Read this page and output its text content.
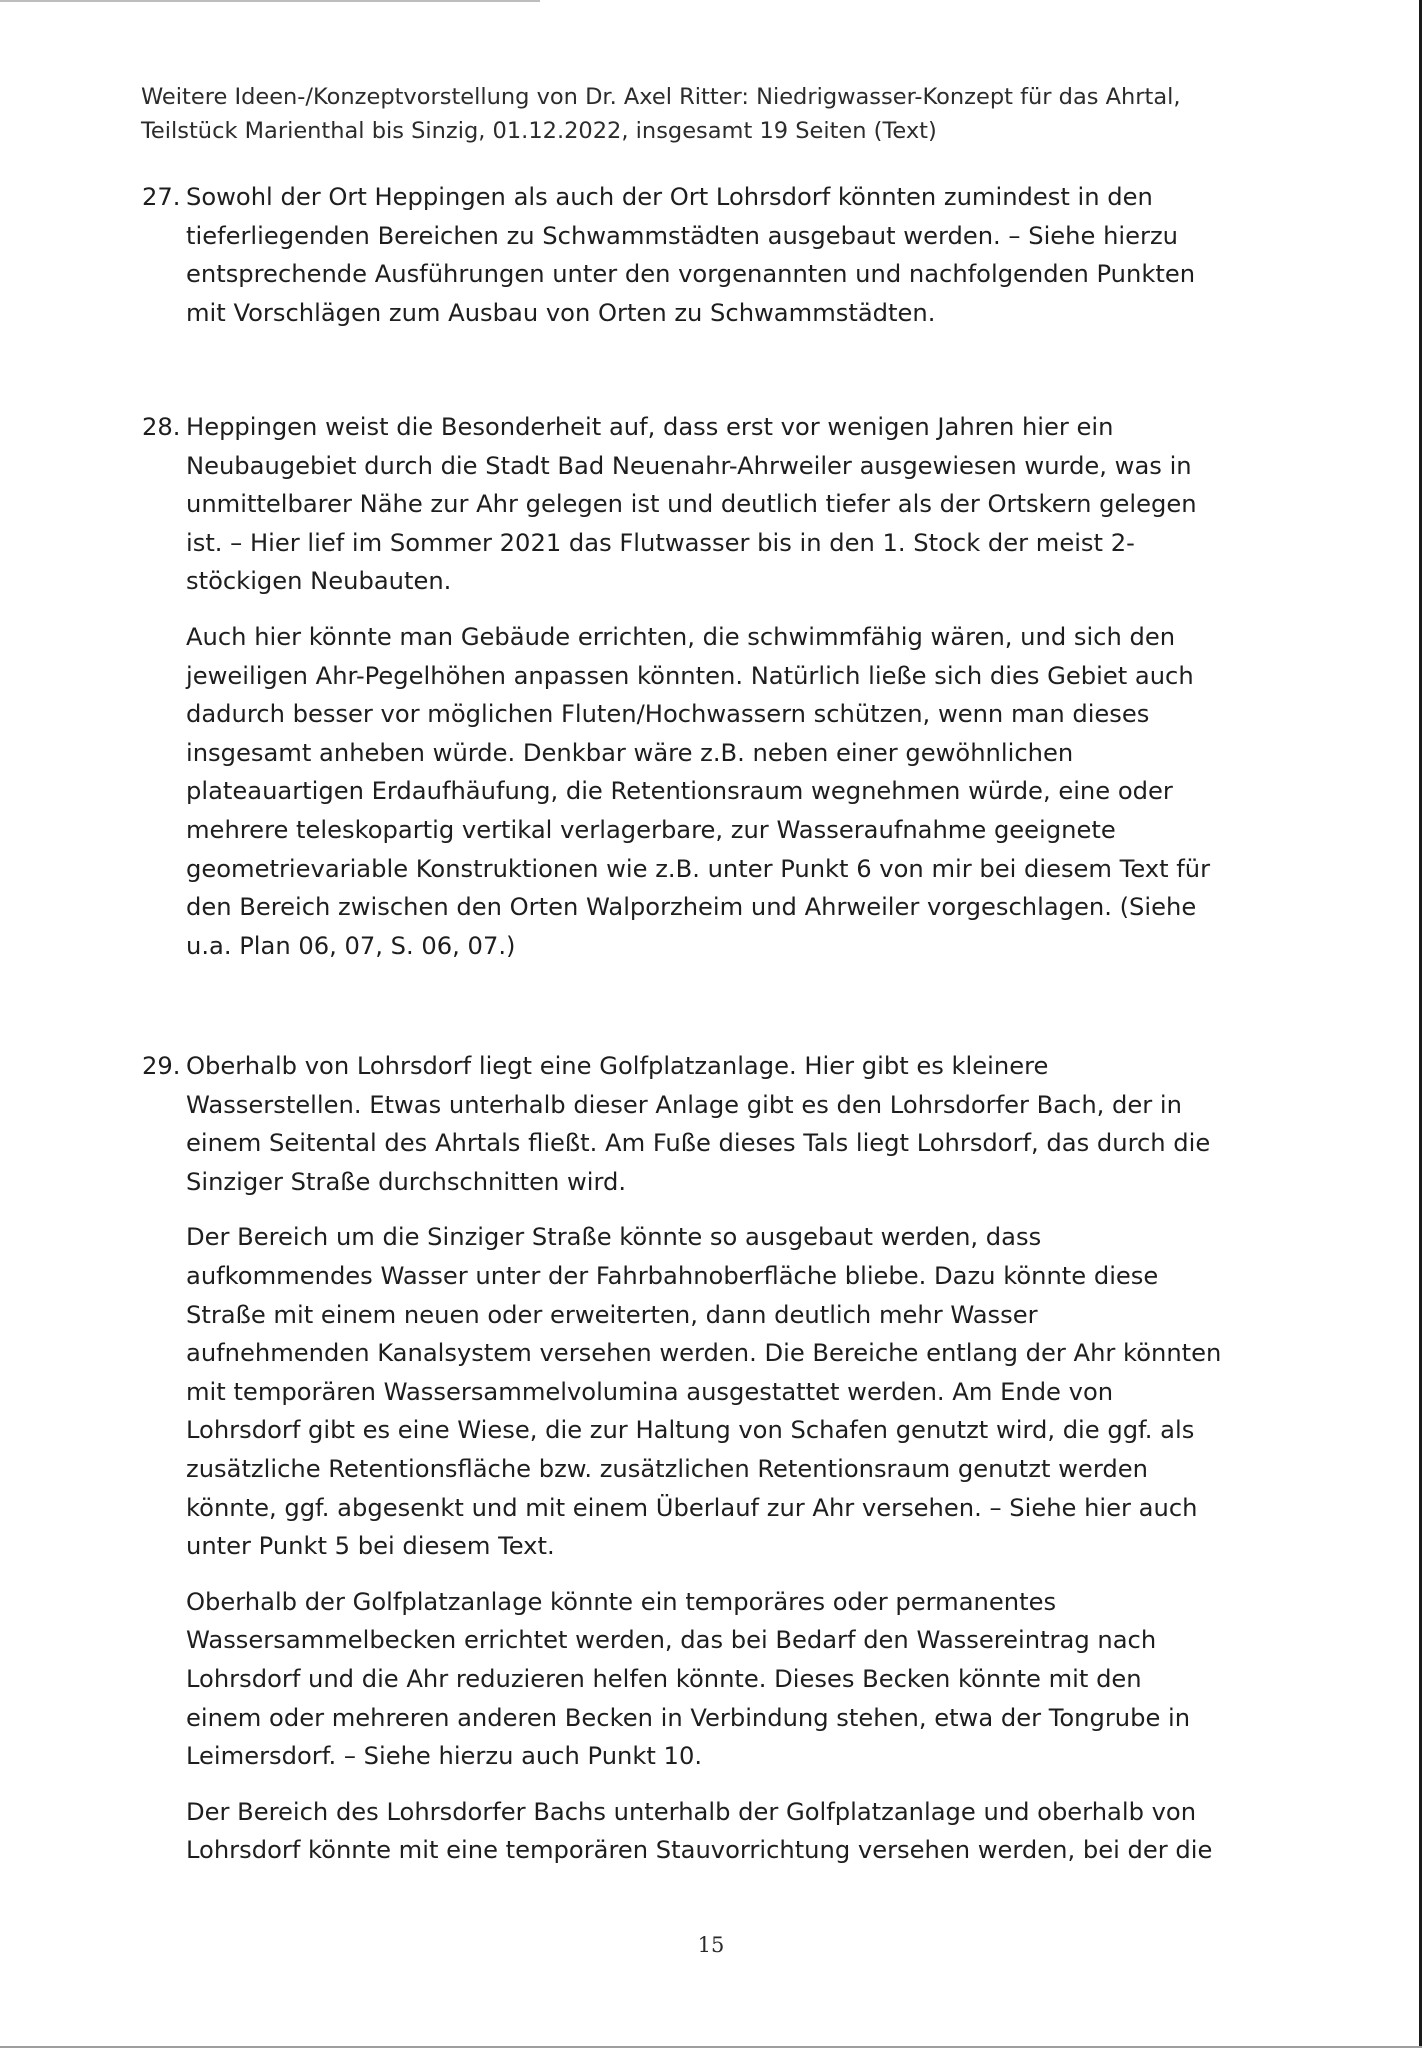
Weitere Ideen-/Konzeptvorstellung von Dr. Axel Ritter: Niedrigwasser-Konzept für das Ahrtal,

Teilstück Marienthal bis Sinzig, 01.12.2022, insgesamt 19 Seiten (Text)

27. Sowohl der Ort Heppingen als auch der Ort Lohrsdorf könnten zumindest in den
tieferliegenden Bereichen zu Schwammstädten ausgebaut werden. – Siehe hierzu
entsprechende Ausführungen unter den vorgenannten und nachfolgenden Punkten
mit Vorschlägen zum Ausbau von Orten zu Schwammstädten.

28. Heppingen weist die Besonderheit auf, dass erst vor wenigen Jahren hier ein
Neubaugebiet durch die Stadt Bad Neuenahr-Ahrweiler ausgewiesen wurde, was in
unmittelbarer Nähe zur Ahr gelegen ist und deutlich tiefer als der Ortskern gelegen
ist. – Hier lief im Sommer 2021 das Flutwasser bis in den 1. Stock der meist 2-
stöckigen Neubauten.

Auch hier könnte man Gebäude errichten, die schwimmfähig wären, und sich den
jeweiligen Ahr-Pegelhöhen anpassen könnten. Natürlich ließe sich dies Gebiet auch
dadurch besser vor möglichen Fluten/Hochwassern schützen, wenn man dieses
insgesamt anheben würde. Denkbar wäre z.B. neben einer gewöhnlichen
plateauartigen Erdaufhäufung, die Retentionsraum wegnehmen würde, eine oder
mehrere teleskopartig vertikal verlagerbare, zur Wasseraufnahme geeignete
geometrievariable Konstruktionen wie z.B. unter Punkt 6 von mir bei diesem Text für
den Bereich zwischen den Orten Walporzheim und Ahrweiler vorgeschlagen. (Siehe
u.a. Plan 06, 07, S. 06, 07.)

29. Oberhalb von Lohrsdorf liegt eine Golfplatzanlage. Hier gibt es kleinere
Wasserstellen. Etwas unterhalb dieser Anlage gibt es den Lohrsdorfer Bach, der in
einem Seitental des Ahrtals fließt. Am Fuße dieses Tals liegt Lohrsdorf, das durch die
Sinziger Straße durchschnitten wird.

Der Bereich um die Sinziger Straße könnte so ausgebaut werden, dass
aufkommendes Wasser unter der Fahrbahnoberfläche bliebe. Dazu könnte diese
Straße mit einem neuen oder erweiterten, dann deutlich mehr Wasser
aufnehmenden Kanalsystem versehen werden. Die Bereiche entlang der Ahr könnten
mit temporären Wassersammelvolumina ausgestattet werden. Am Ende von
Lohrsdorf gibt es eine Wiese, die zur Haltung von Schafen genutzt wird, die ggf. als
zusätzliche Retentionsfläche bzw. zusätzlichen Retentionsraum genutzt werden
könnte, ggf. abgesenkt und mit einem Überlauf zur Ahr versehen. – Siehe hier auch
unter Punkt 5 bei diesem Text.

Oberhalb der Golfplatzanlage könnte ein temporäres oder permanentes
Wassersammelbecken errichtet werden, das bei Bedarf den Wassereintrag nach
Lohrsdorf und die Ahr reduzieren helfen könnte. Dieses Becken könnte mit den
einem oder mehreren anderen Becken in Verbindung stehen, etwa der Tongrube in
Leimersdorf. – Siehe hierzu auch Punkt 10.

Der Bereich des Lohrsdorfer Bachs unterhalb der Golfplatzanlage und oberhalb von
Lohrsdorf könnte mit eine temporären Stauvorrichtung versehen werden, bei der die

15
